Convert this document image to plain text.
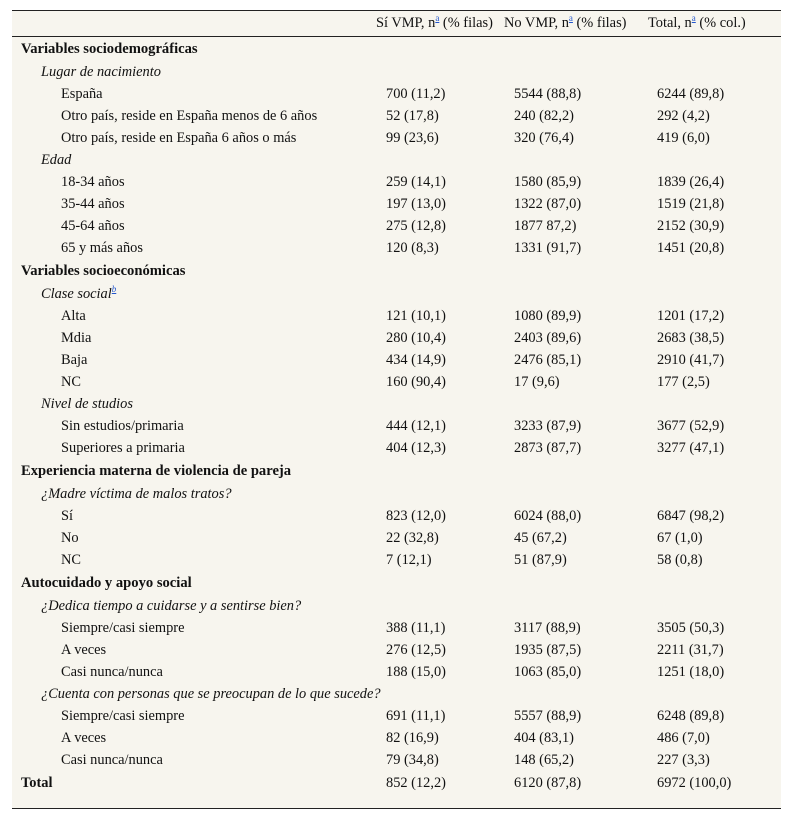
	Sí VMP, $n^a$ (% filas)	No VMP, $n^a$ (% filas)	Total, $n^a$ (% col.)
Variables sociodemográficas			
Lugar de nacimiento			
España	700 (11,2)	5544 (88,8)	6244 (89,8)
Otro país, reside en España menos de 6 años	52 (17,8)	240 (82,2)	292 (4,2)
Otro país, reside en España 6 años o más	99 (23,6)	320 (76,4)	419 (6,0)
Edad			
18-34 años	259 (14,1)	1580 (85,9)	1839 (26,4)
35-44 años	197 (13,0)	1322 (87,0)	1519 (21,8)
45-64 años	275 (12,8)	1877 87,2)	2152 (30,9)
65 y más años	120 (8,3)	1331 (91,7)	1451 (20,8)
Variables socioeconómicas			
Clase social$^b$
Alta	121 (10,1)	1080 (89,9)	1201 (17,2)
Mdia	280 (10,4)	2403 (89,6)	2683 (38,5)
Baja	434 (14,9)	2476 (85,1)	2910 (41,7)
NC	160 (90,4)	17 (9,6)	177 (2,5)
Nivel de studios			
Sin estudios/primaria	444 (12,1)	3233 (87,9)	3677 (52,9)
Superiores a primaria	404 (12,3)	2873 (87,7)	3277 (47,1)
Experiencia materna de violencia de pareja			
¿Madre víctima de malos tratos?			
Sí	823 (12,0)	6024 (88,0)	6847 (98,2)
No	22 (32,8)	45 (67,2)	67 (1,0)
NC	7 (12,1)	51 (87,9)	58 (0,8)
Autocuidado y apoyo social			
¿Dedica tiempo a cuidarse y a sentirse bien?			
Siempre/casi siempre	388 (11,1)	3117 (88,9)	3505 (50,3)
A veces	276 (12,5)	1935 (87,5)	2211 (31,7)
Casi nunca/nunca	188 (15,0)	1063 (85,0)	1251 (18,0)
¿Cuenta con personas que se preocupan de lo que sucede?			
Siempre/casi siempre	691 (11,1)	5557 (88,9)	6248 (89,8)
A veces	82 (16,9)	404 (83,1)	486 (7,0)
Casi nunca/nunca	79 (34,8)	148 (65,2)	227 (3,3)
Total	852 (12,2)	6120 (87,8)	6972 (100,0)
